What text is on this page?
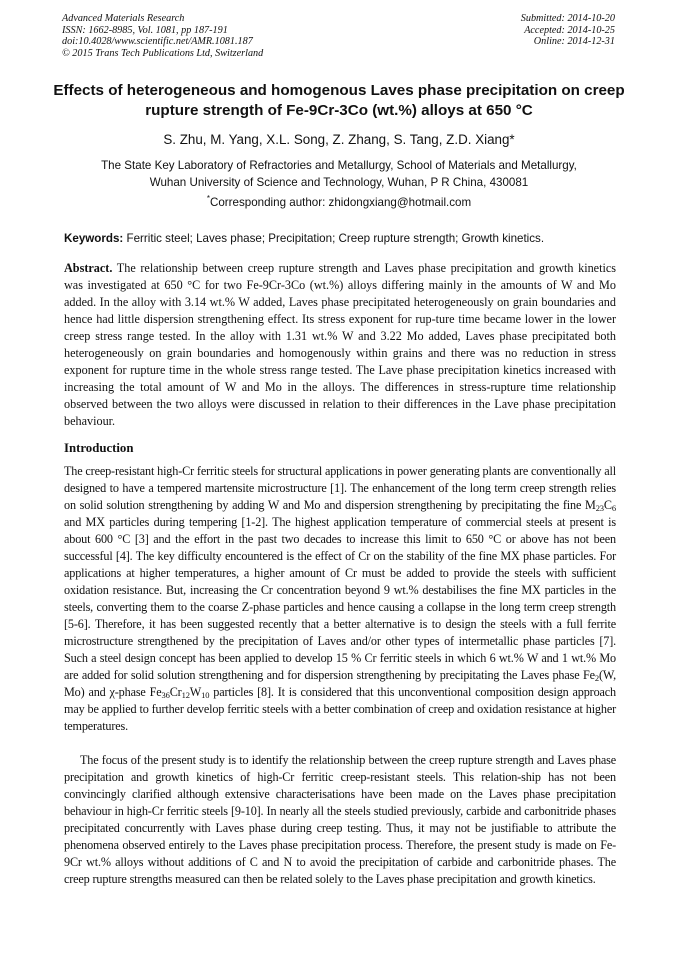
Advanced Materials Research
ISSN: 1662-8985, Vol. 1081, pp 187-191
doi:10.4028/www.scientific.net/AMR.1081.187
© 2015 Trans Tech Publications Ltd, Switzerland
Submitted: 2014-10-20
Accepted: 2014-10-25
Online: 2014-12-31
Effects of heterogeneous and homogenous Laves phase precipitation on creep rupture strength of Fe-9Cr-3Co (wt.%) alloys at 650 °C
S. Zhu, M. Yang, X.L. Song, Z. Zhang, S. Tang, Z.D. Xiang*
The State Key Laboratory of Refractories and Metallurgy, School of Materials and Metallurgy,
Wuhan University of Science and Technology, Wuhan, P R China, 430081
*Corresponding author: zhidongxiang@hotmail.com
Keywords: Ferritic steel; Laves phase; Precipitation; Creep rupture strength; Growth kinetics.
Abstract. The relationship between creep rupture strength and Laves phase precipitation and growth kinetics was investigated at 650 °C for two Fe-9Cr-3Co (wt.%) alloys differing mainly in the amounts of W and Mo added. In the alloy with 3.14 wt.% W added, Laves phase precipitated heterogeneously on grain boundaries and hence had little dispersion strengthening effect. Its stress exponent for rup-ture time became lower in the lower creep stress range tested. In the alloy with 1.31 wt.% W and 3.22 Mo added, Laves phase precipitated both heterogeneously on grain boundaries and homogenously within grains and there was no reduction in stress exponent for rupture time in the whole stress range tested. The Lave phase precipitation kinetics increased with increasing the total amount of W and Mo in the alloys. The differences in stress-rupture time relationship observed between the two alloys were discussed in relation to their differences in the Lave phase precipitation behaviour.
Introduction
The creep-resistant high-Cr ferritic steels for structural applications in power generating plants are conventionally all designed to have a tempered martensite microstructure [1]. The enhancement of the long term creep strength relies on solid solution strengthening by adding W and Mo and dispersion strengthening by precipitating the fine $M_{23}C_6$ and MX particles during tempering [1-2]. The highest application temperature of commercial steels at present is about 600 °C [3] and the effort in the past two decades to increase this limit to 650 °C or above has not been successful [4]. The key difficulty encountered is the effect of Cr on the stability of the fine MX phase particles. For applications at higher temperatures, a higher amount of Cr must be added to provide the steels with sufficient oxidation resistance. But, increasing the Cr concentration beyond 9 wt.% destabilises the fine MX particles in the steels, converting them to the coarse Z-phase particles and hence causing a collapse in the long term creep strength [5-6]. Therefore, it has been suggested recently that a better alternative is to design the steels with a full ferrite microstructure strengthened by the precipitation of Laves and/or other types of intermetallic phase particles [7]. Such a steel design concept has been applied to develop 15 % Cr ferritic steels in which 6 wt.% W and 1 wt.% Mo are added for solid solution strengthening and for dispersion strengthening by precipitating the Laves phase $Fe_2(W$, Mo) and χ-phase $Fe_{36}Cr_{12}W_{10}$ particles [8]. It is considered that this unconventional composition design approach may be applied to further develop ferritic steels with a better combination of creep and oxidation resistance at higher temperatures.
The focus of the present study is to identify the relationship between the creep rupture strength and Laves phase precipitation and growth kinetics of high-Cr ferritic creep-resistant steels. This relation-ship has not been convincingly clarified although extensive characterisations have been made on the Laves phase precipitation behaviour in high-Cr ferritic steels [9-10]. In nearly all the steels studied previously, carbide and carbonitride phases precipitated concurrently with Laves phase during creep testing. Thus, it may not be justifiable to attribute the phenomena observed entirely to the Laves phase precipitation process. Therefore, the present study is made on Fe-9Cr wt.% alloys without additions of C and N to avoid the precipitation of carbide and carbonitride phases. The creep rupture strengths measured can then be related solely to the Laves phase precipitation and growth kinetics.
